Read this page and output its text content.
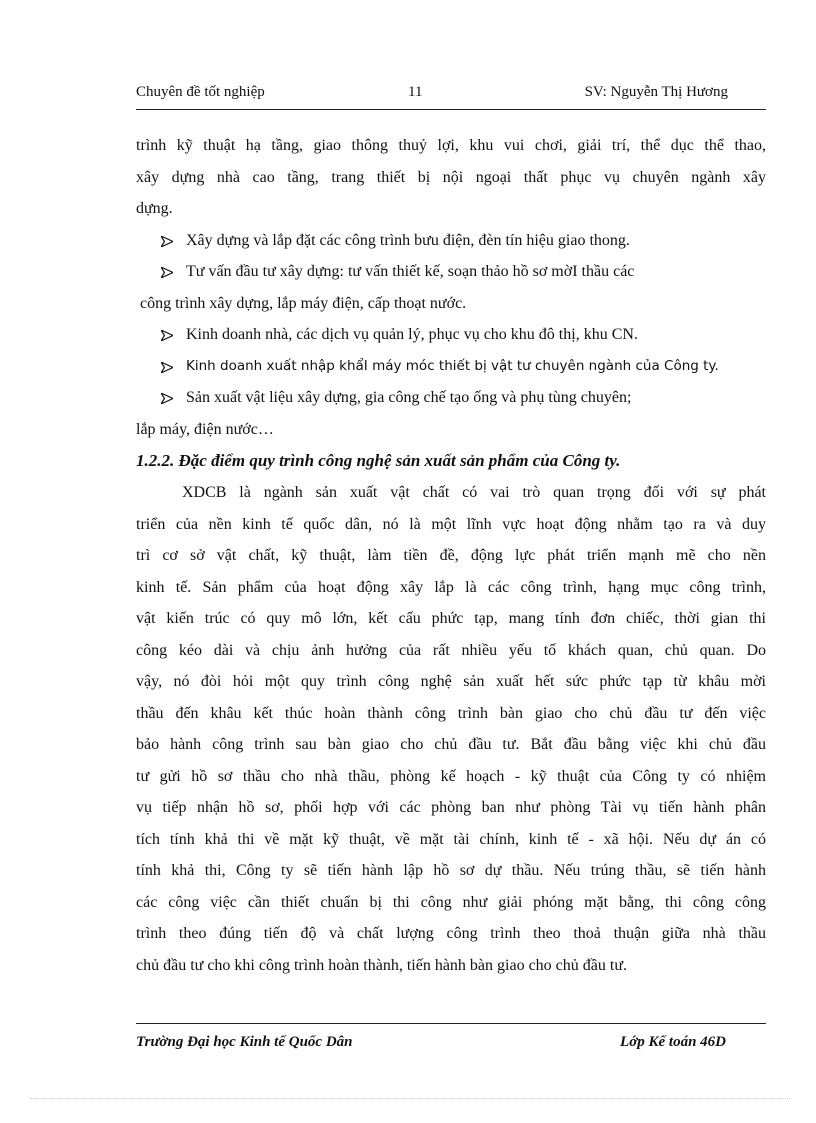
Chuyên đề tốt nghiệp	11	SV: Nguyễn Thị Hương

trình kỹ thuật hạ tầng, giao thông thuỷ lợi, khu vui chơi, giải trí, thể dục thể thao,

xây dựng nhà cao tầng, trang thiết bị nội ngoại thất phục vụ chuyên ngành xây

dựng.

Xây dựng và lắp đặt các công trình bưu điện, đèn tín hiệu giao thong.
Tư vấn đầu tư xây dựng: tư vấn thiết kế, soạn thảo hồ sơ mờI thầu các
công trình xây dựng, lắp máy điện, cấp thoạt nước.
Kinh doanh nhà, các dịch vụ quản lý, phục vụ cho khu đô thị, khu CN.
Kinh doanh xuất nhập khẩI máy móc thiết bị vật tư chuyên ngành của Công ty.
Sản xuất vật liệu xây dựng, gia công chế tạo ống và phụ tùng chuyên;
lắp máy, điện nước…
1.2.2. Đặc điểm quy trình công nghệ sản xuất sản phẩm của Công ty.

XDCB là ngành sản xuất vật chất có vai trò quan trọng đối với sự phát

triển của nền kinh tế quốc dân, nó là một lĩnh vực hoạt động nhằm tạo ra và duy

trì cơ sở vật chất, kỹ thuật, làm tiền đề, động lực phát triển mạnh mẽ cho nền

kinh tế. Sản phẩm của hoạt động xây lắp là các công trình, hạng mục công trình,

vật kiến trúc có quy mô lớn, kết cấu phức tạp, mang tính đơn chiếc, thời gian thi

công kéo dài và chịu ảnh hưởng của rất nhiều yếu tố khách quan, chủ quan. Do

vậy, nó đòi hỏi một quy trình công nghệ sản xuất hết sức phức tạp từ khâu mời

thầu đến khâu kết thúc hoàn thành công trình bàn giao cho chủ đầu tư đến việc

bảo hành công trình sau bàn giao cho chủ đầu tư. Bắt đầu bằng việc khi chủ đầu

tư gửi hồ sơ thầu cho nhà thầu, phòng kế hoạch - kỹ thuật của Công ty có nhiệm

vụ tiếp nhận hồ sơ, phối hợp với các phòng ban như phòng Tài vụ tiến hành phân

tích tính khả thi về mặt kỹ thuật, về mặt tài chính, kinh tế - xã hội. Nếu dự án có

tính khả thi, Công ty sẽ tiến hành lập hồ sơ dự thầu. Nếu trúng thầu, sẽ tiến hành

các công việc cần thiết chuẩn bị thi công như giải phóng mặt bằng, thi công công

trình theo đúng tiến độ và chất lượng công trình theo thoả thuận giữa nhà thầu

chủ đầu tư cho khi công trình hoàn thành, tiến hành bàn giao cho chủ đầu tư.

Trường Đại học Kinh tế Quốc Dân	Lớp Kế toán 46D
